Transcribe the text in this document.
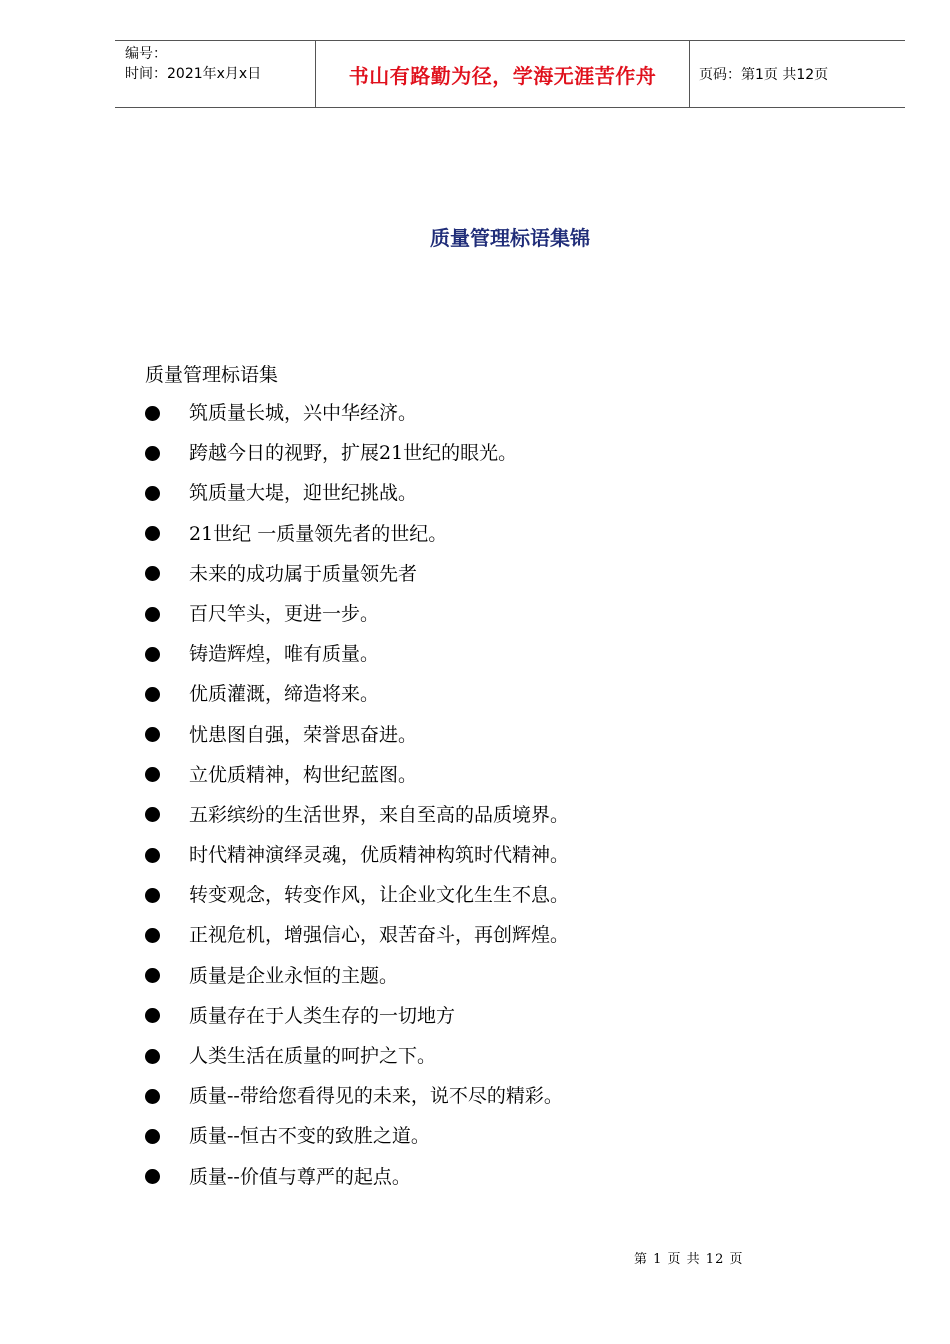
编号：
时间：2021年x月x日	书山有路勤为径，学海无涯苦作舟	页码：第1页 共12页
质量管理标语集锦
质量管理标语集
筑质量长城，兴中华经济。
跨越今日的视野，扩展21世纪的眼光。
筑质量大堤，迎世纪挑战。
21世纪 一质量领先者的世纪。
未来的成功属于质量领先者
百尺竿头，更进一步。
铸造辉煌，唯有质量。
优质灌溉，缔造将来。
忧患图自强，荣誉思奋进。
立优质精神，构世纪蓝图。
五彩缤纷的生活世界，来自至高的品质境界。
时代精神演绎灵魂，优质精神构筑时代精神。
转变观念，转变作风，让企业文化生生不息。
正视危机，增强信心，艰苦奋斗，再创辉煌。
质量是企业永恒的主题。
质量存在于人类生存的一切地方
人类生活在质量的呵护之下。
质量--带给您看得见的未来，说不尽的精彩。
质量--恒古不变的致胜之道。
质量--价值与尊严的起点。
第 1 页 共 12 页
